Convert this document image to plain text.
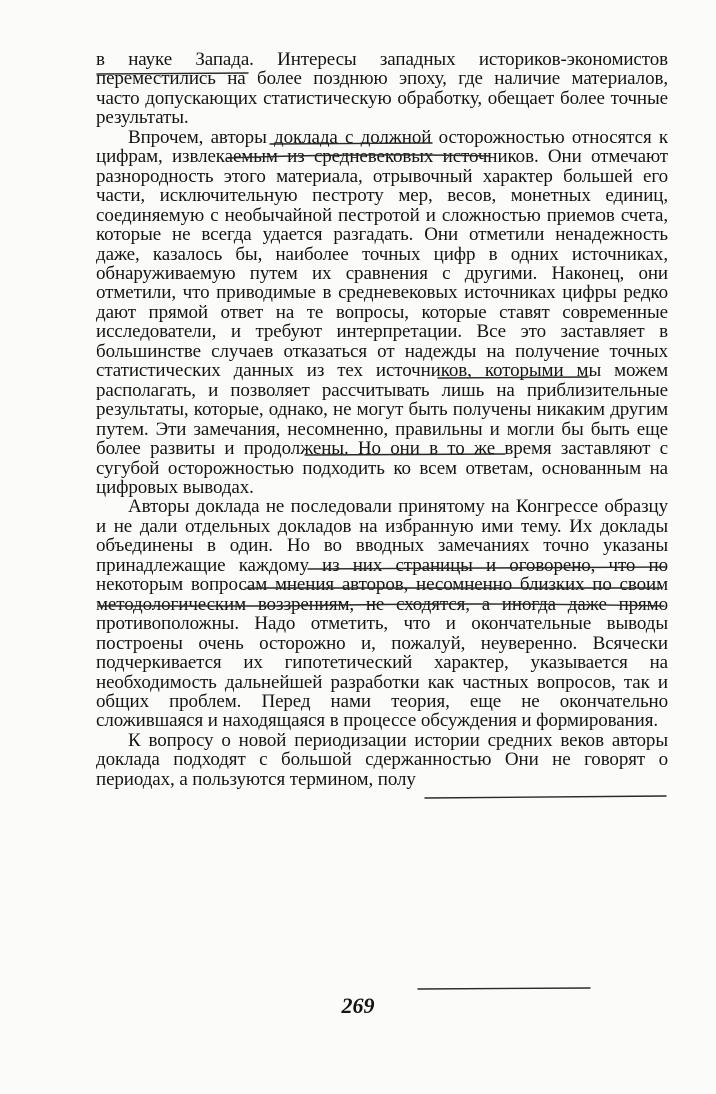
в науке Запада. Интересы западных историков-экономистов переместились на более позднюю эпоху, где наличие материалов, часто допускающих статистическую обработку, обещает более точные результаты.

Впрочем, авторы доклада с должной осторожностью относятся к цифрам, извлекаемым из средневековых источников. Они отмечают разнородность этого материала, отрывочный характер большей его части, исключительную пестроту мер, весов, монетных единиц, соединяемую с необычайной пестротой и сложностью приемов счета, которые не всегда удается разгадать. Они отметили ненадежность даже, казалось бы, наиболее точных цифр в одних источниках, обнаруживаемую путем их сравнения с другими. Наконец, они отметили, что приводимые в средневековых источниках цифры редко дают прямой ответ на те вопросы, которые ставят современные исследователи, и требуют интерпретации. Все это заставляет в большинстве случаев отказаться от надежды на получение точных статистических данных из тех источников, которыми мы можем располагать, и позволяет рассчитывать лишь на приблизительные результаты, которые, однако, не могут быть получены никаким другим путем. Эти замечания, несомненно, правильны и могли бы быть еще более развиты и продолжены. Но они в то же время заставляют с сугубой осторожностью подходить ко всем ответам, основанным на цифровых выводах.

Авторы доклада не последовали принятому на Конгрессе образцу и не дали отдельных докладов на избранную ими тему. Их доклады объединены в один. Но во вводных замечаниях точно указаны принадлежащие каждому из них страницы и оговорено, что по некоторым вопросам мнения авторов, несомненно близких по своим методологическим воззрениям, не сходятся, а иногда даже прямо противоположны. Надо отметить, что и окончательные выводы построены очень осторожно и, пожалуй, неуверенно. Всячески подчеркивается их гипотетический характер, указывается на необходимость дальнейшей разработки как частных вопросов, так и общих проблем. Перед нами теория, еще не окончательно сложившаяся и находящаяся в процессе обсуждения и формирования.

К вопросу о новой периодизации истории средних веков авторы доклада подходят с большой сдержанностью Они не говорят о периодах, а пользуются термином, полу

269
